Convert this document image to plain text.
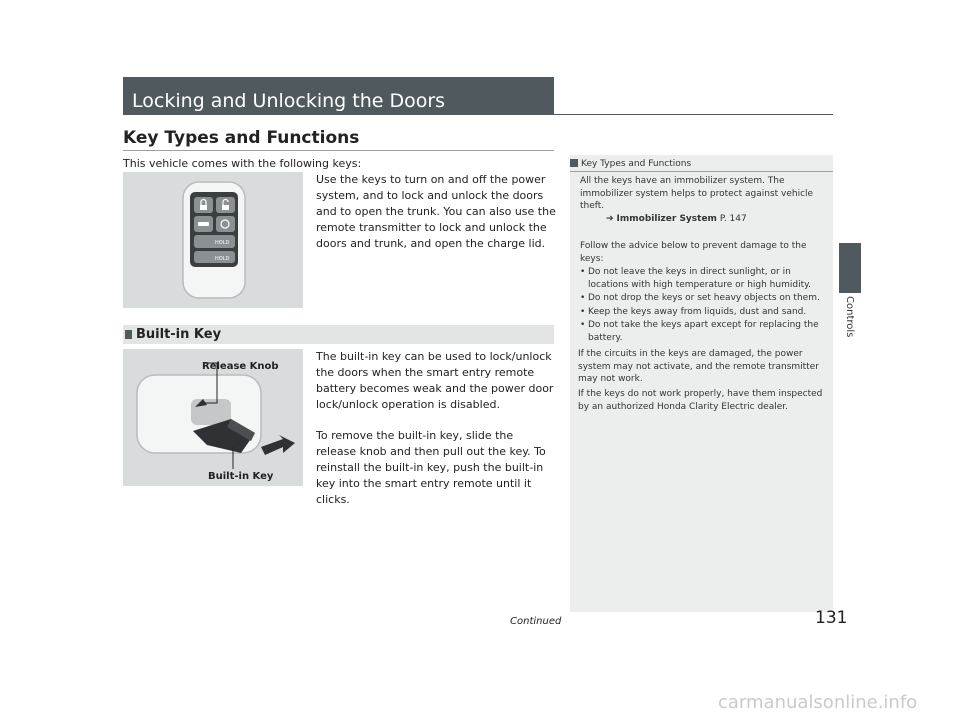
Locking and Unlocking the Doors
Key Types and Functions
This vehicle comes with the following keys:
HOLD
HOLD
Use the keys to turn on and off the power system, and to lock and unlock the doors and to open the trunk. You can also use the remote transmitter to lock and unlock the doors and trunk, and open the charge lid.
Built-in Key
Release Knob
Built-in Key
The built-in key can be used to lock/unlock the doors when the smart entry remote battery becomes weak and the power door lock/unlock operation is disabled.
To remove the built-in key, slide the release knob and then pull out the key. To reinstall the built-in key, push the built-in key into the smart entry remote until it clicks.
Key Types and Functions
All the keys have an immobilizer system. The immobilizer system helps to protect against vehicle theft.
➔ Immobilizer System P. 147
Follow the advice below to prevent damage to the keys:
• Do not leave the keys in direct sunlight, or in locations with high temperature or high humidity.
• Do not drop the keys or set heavy objects on them.
• Keep the keys away from liquids, dust and sand.
• Do not take the keys apart except for replacing the battery.
If the circuits in the keys are damaged, the power system may not activate, and the remote transmitter may not work.
If the keys do not work properly, have them inspected by an authorized Honda Clarity Electric dealer.
Controls
Continued	131
carmanualsonline.info
